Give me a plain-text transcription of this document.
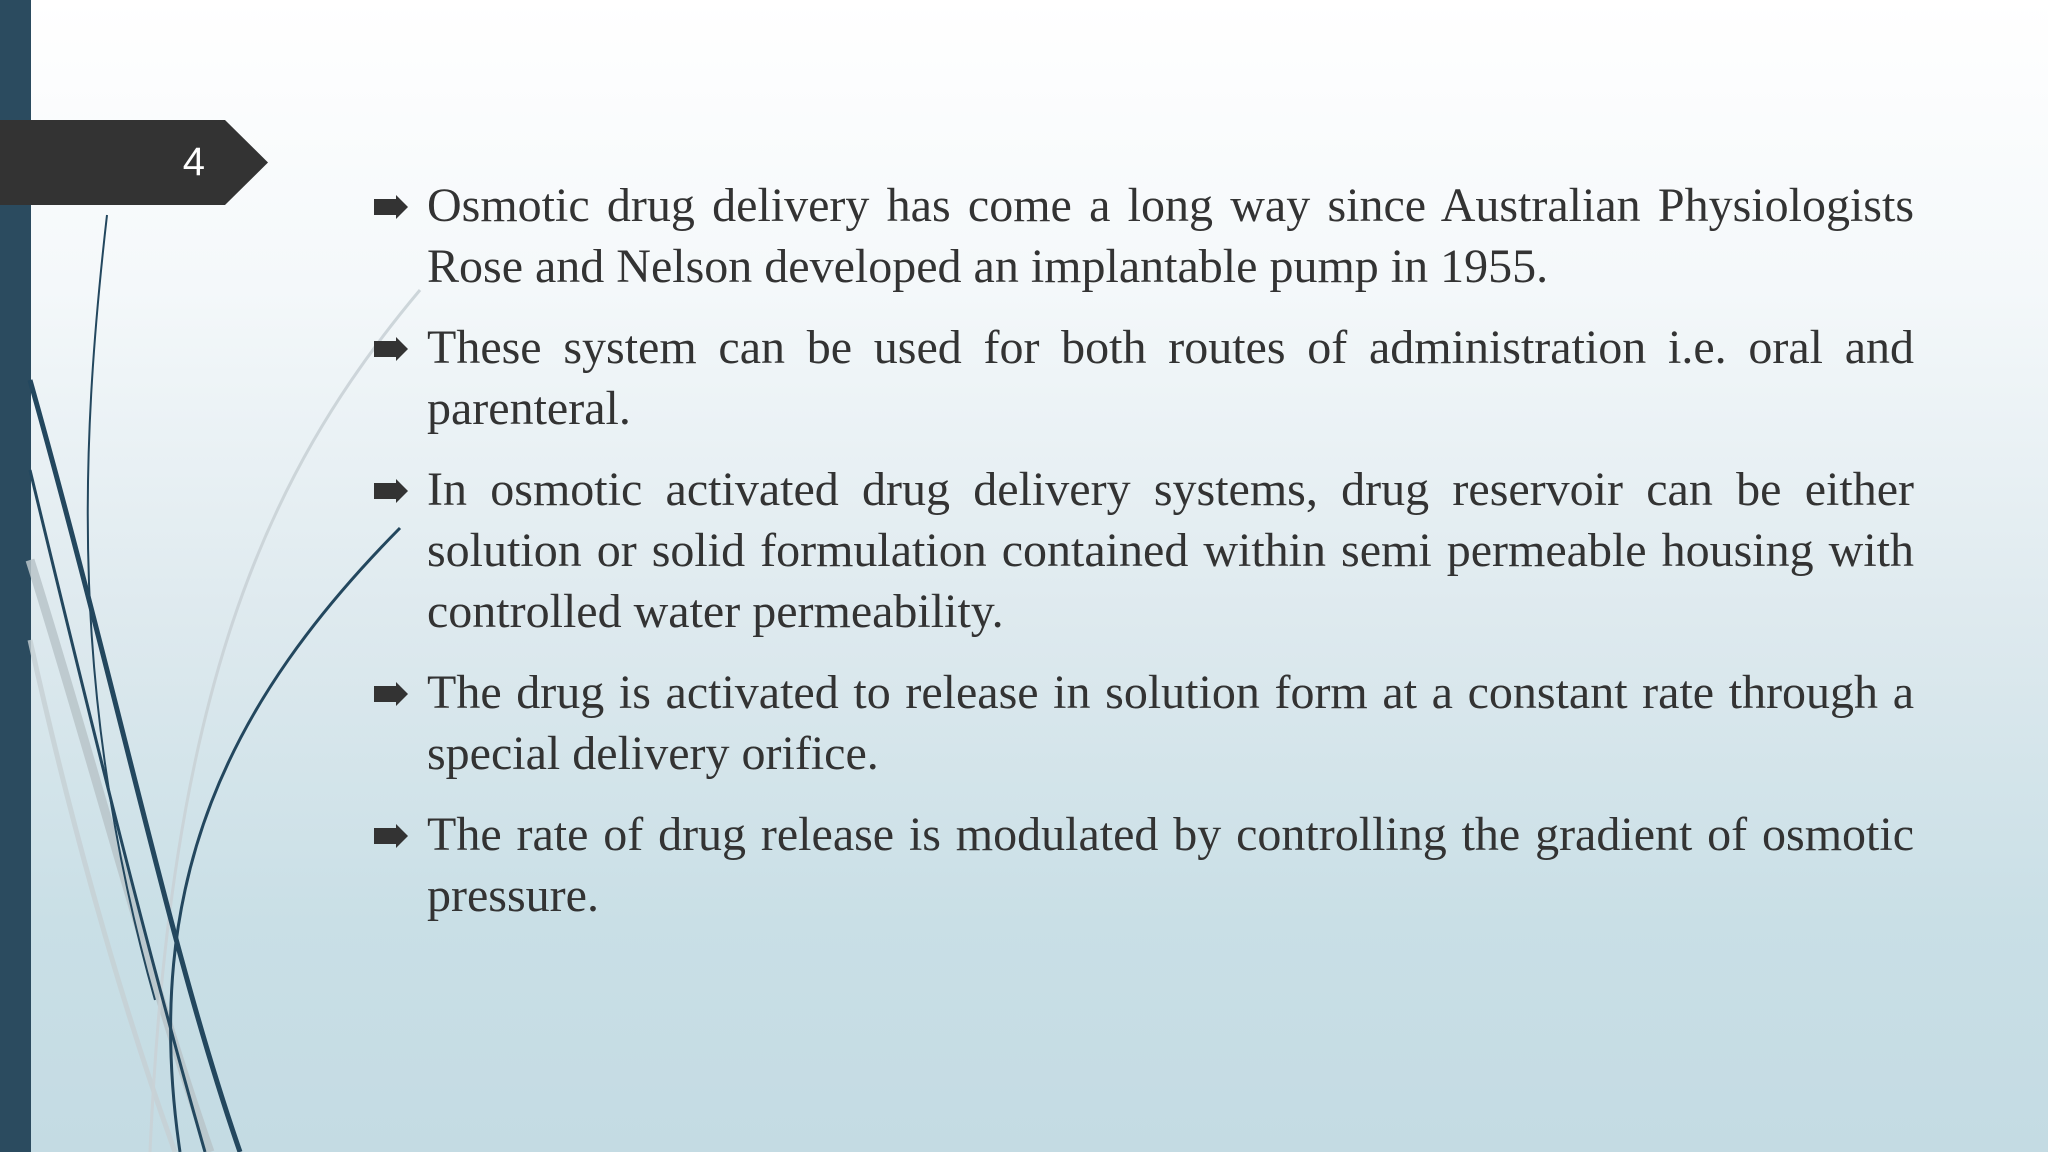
4
Osmotic drug delivery has come a long way since Australian Physiologists Rose and Nelson developed an implantable pump in 1955.
These system can be used for both routes of administration i.e. oral and parenteral.
In osmotic activated drug delivery systems, drug reservoir can be either solution or solid formulation contained within semi permeable housing with controlled water permeability.
The drug is activated to release in solution form at a constant rate through a special delivery orifice.
The rate of drug release is modulated by controlling the gradient of osmotic pressure.
